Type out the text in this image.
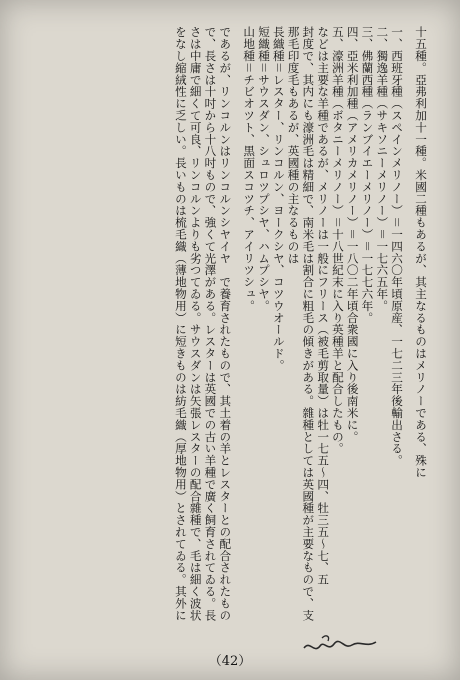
十五種。亞弗利加十一種。米國二種もあるが、其主なるものはメリノーである、殊に
一、西班牙種（スペインメリノー）＝一四六〇年頃原産、一七二三年後輸出さる。
二、獨逸羊種（サキソニーメリノー）＝一七六五年。
三、佛蘭西種（ランブイエーメリノー）＝一七七六年。
四、亞米利加種（アメリカメリノー）＝一八〇二年頃合衆國に入り後南米に。
五、濠洲羊種（ボタニーメリノー）＝十八世紀末に入り英種羊と配合したもの。
などは主要な羊種であるが、メリノーは一般にフリース（被毛剪取量）は牡一七五〜四、牡三五〜七、五
封度で、其内にも濠洲毛は精細で、南米毛は割合に粗毛の傾きがある。雜種としては英國種が主要なもので、支
那毛印度毛もあるが、英國種の主なるものは
長織種＝レスター、リンコルン、ヨークシヤ、コツウオールド。
短織種＝サウスダン、シュロツプシヤ、ハムプシヤ。
山地種＝チビオツト、黒面スコツチ、アイリツシュ。
であるが、リンコルンはリンコルンシヤイヤ　で養育されたもので、其土着の羊とレスターとの配合されたもの
で、長さは十吋から十八吋もので、強くて光澤がある。レスターは英國での古い羊種で廣く飼育されてゐる。長
さは中庸で細くて可良、リンコルンよりも劣つてゐる。サウスダンは矢張レスターの配合雜種で、毛は細く波状
をなし縮絨性に乏しい。長いものは梳毛織（薄地物用）に短きものは紡毛織（厚地物用）とされてゐる。其外に
（42）
